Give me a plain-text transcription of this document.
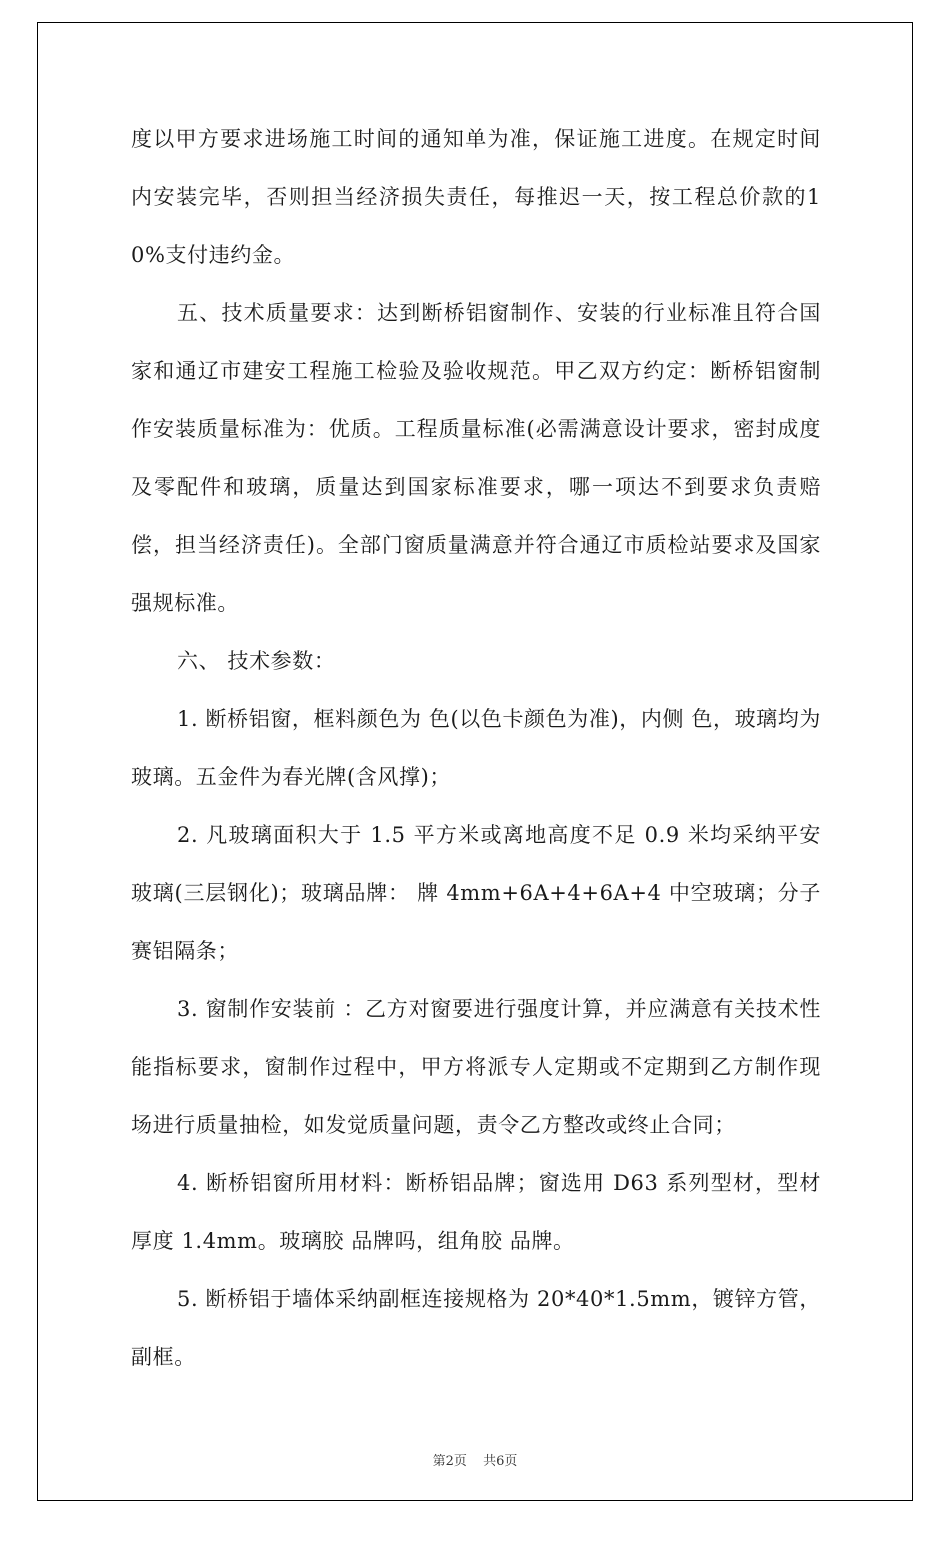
度以甲方要求进场施工时间的通知单为准，保证施工进度。在规定时间内安装完毕，否则担当经济损失责任，每推迟一天，按工程总价款的10%支付违约金。

五、技术质量要求：达到断桥铝窗制作、安装的行业标准且符合国家和通辽市建安工程施工检验及验收规范。甲乙双方约定：断桥铝窗制作安装质量标准为：优质。工程质量标准(必需满意设计要求，密封成度及零配件和玻璃，质量达到国家标准要求，哪一项达不到要求负责赔偿，担当经济责任)。全部门窗质量满意并符合通辽市质检站要求及国家强规标准。

六、 技术参数：

1. 断桥铝窗，框料颜色为 色(以色卡颜色为准)，内侧 色，玻璃均为 玻璃。五金件为春光牌(含风撑)；

2. 凡玻璃面积大于 1.5 平方米或离地高度不足 0.9 米均采纳平安玻璃(三层钢化)；玻璃品牌： 牌 4mm+6A+4+6A+4 中空玻璃；分子赛铝隔条；

3. 窗制作安装前 ：乙方对窗要进行强度计算，并应满意有关技术性能指标要求，窗制作过程中，甲方将派专人定期或不定期到乙方制作现场进行质量抽检，如发觉质量问题，责令乙方整改或终止合同；

4. 断桥铝窗所用材料：断桥铝品牌；窗选用 D63 系列型材，型材厚度 1.4mm。玻璃胶 品牌吗，组角胶 品牌。

5. 断桥铝于墙体采纳副框连接规格为 20*40*1.5mm，镀锌方管，副框。

第2页 共6页
